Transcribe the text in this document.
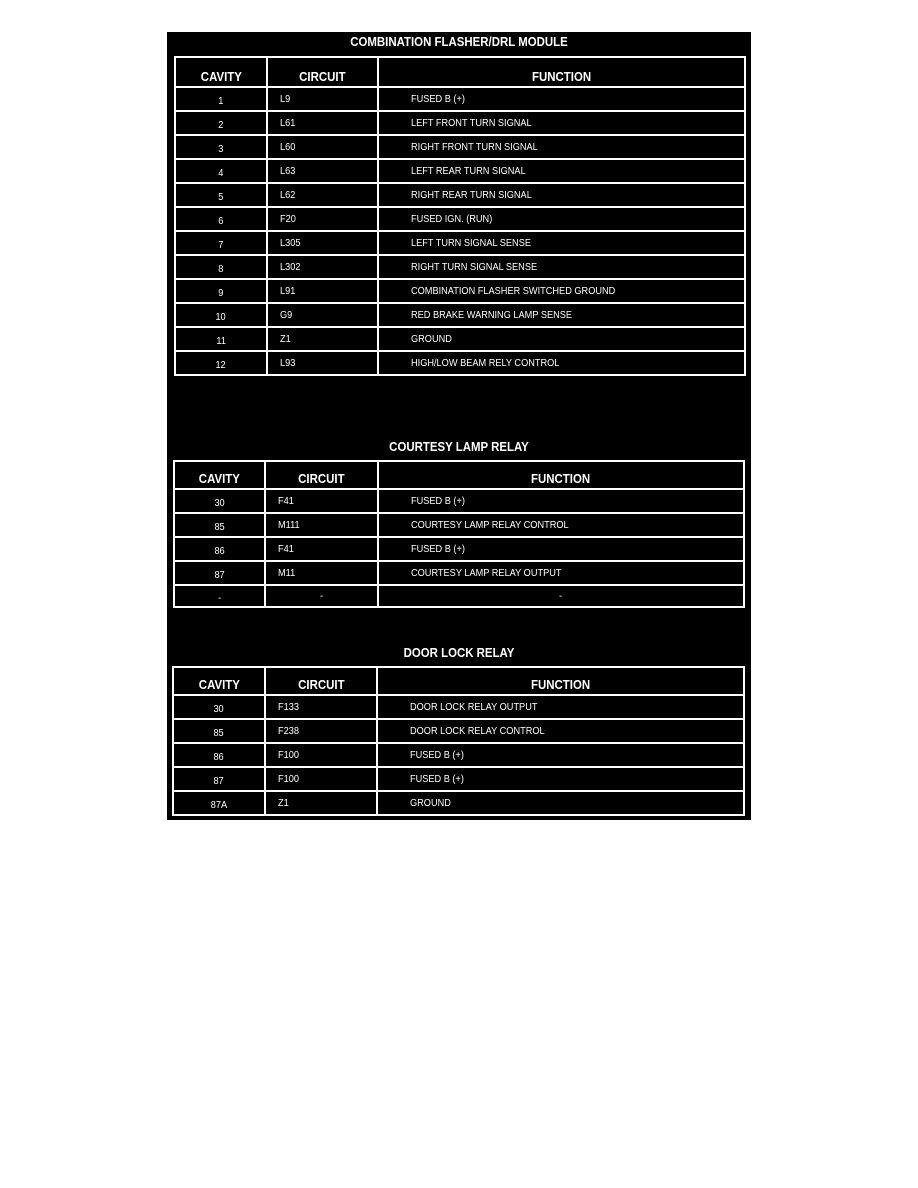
COMBINATION FLASHER/DRL MODULE
CAVITY	CIRCUIT	FUNCTION
1	L9	FUSED B (+)
2	L61	LEFT FRONT TURN SIGNAL
3	L60	RIGHT FRONT TURN SIGNAL
4	L63	LEFT REAR TURN SIGNAL
5	L62	RIGHT REAR TURN SIGNAL
6	F20	FUSED IGN. (RUN)
7	L305	LEFT TURN SIGNAL SENSE
8	L302	RIGHT TURN SIGNAL SENSE
9	L91	COMBINATION FLASHER SWITCHED GROUND
10	G9	RED BRAKE WARNING LAMP SENSE
11	Z1	GROUND
12	L93	HIGH/LOW BEAM RELY CONTROL
COURTESY LAMP RELAY
CAVITY	CIRCUIT	FUNCTION
30	F41	FUSED B (+)
85	M111	COURTESY LAMP RELAY CONTROL
86	F41	FUSED B (+)
87	M11	COURTESY LAMP RELAY OUTPUT
-	-	-
DOOR LOCK RELAY
CAVITY	CIRCUIT	FUNCTION
30	F133	DOOR LOCK RELAY OUTPUT
85	F238	DOOR LOCK RELAY CONTROL
86	F100	FUSED B (+)
87	F100	FUSED B (+)
87A	Z1	GROUND
